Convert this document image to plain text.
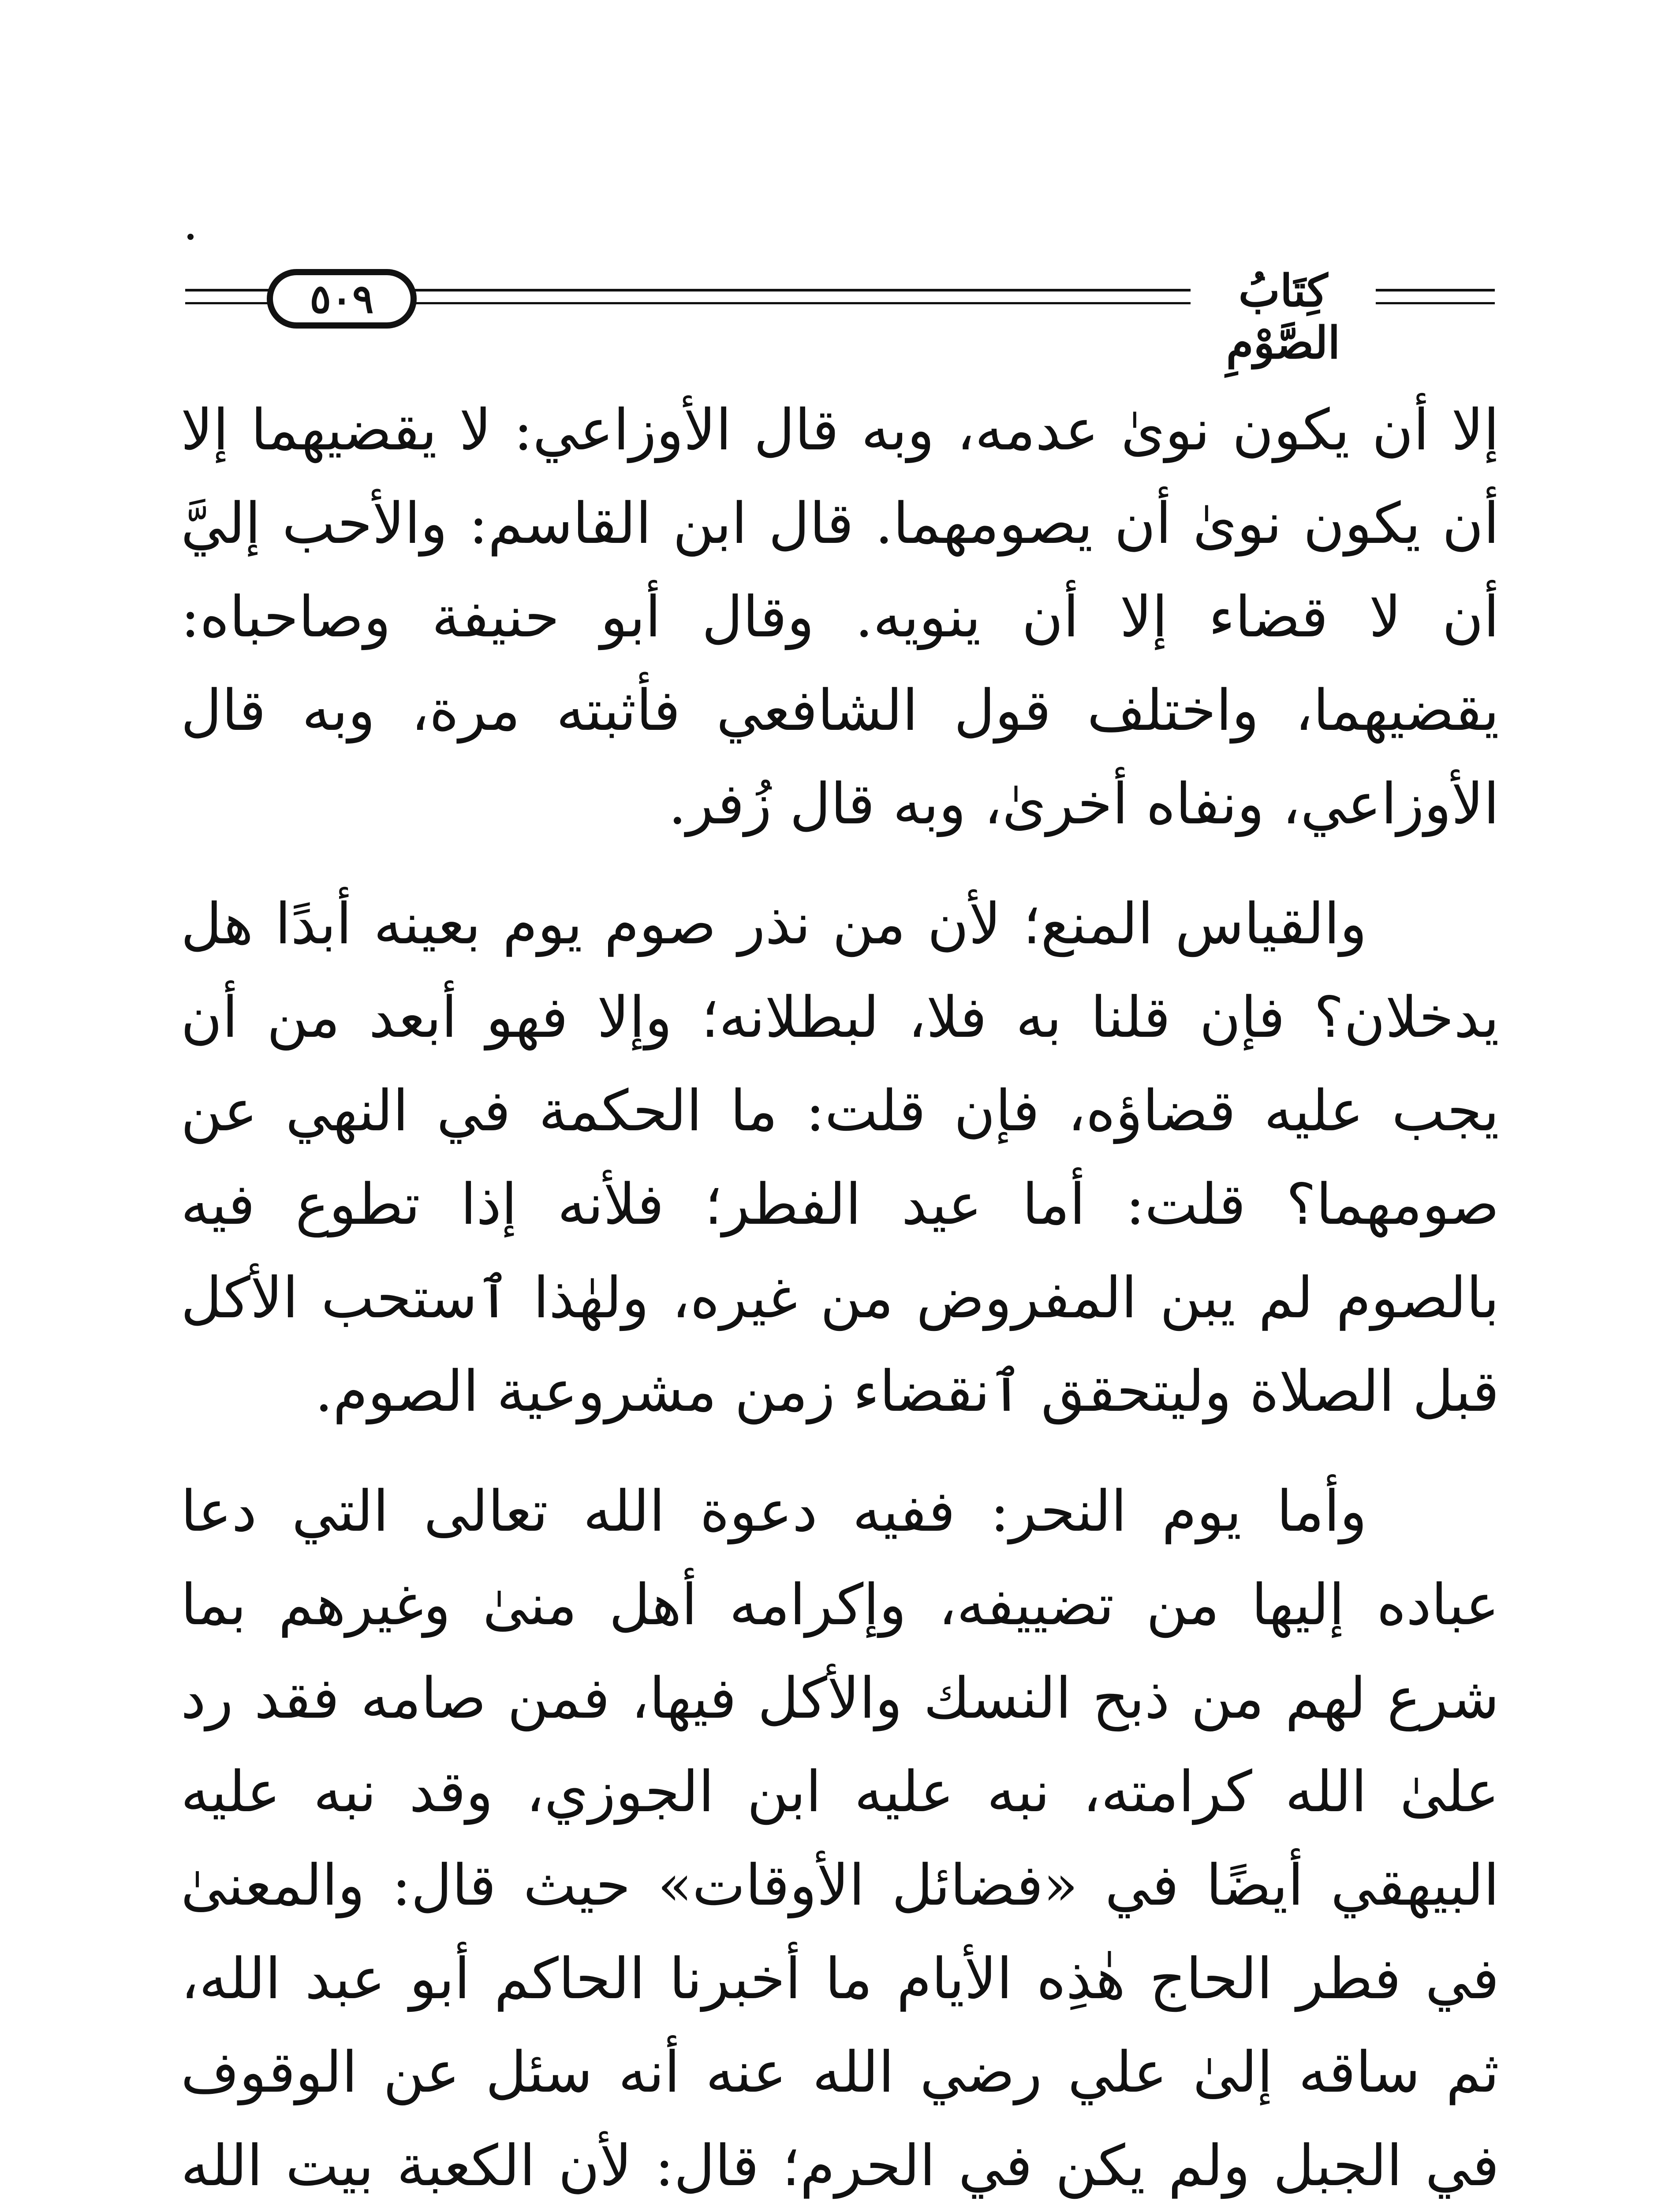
كِتَابُ الصَّوْمِ
٥٠٩

إلا أن يكون نوىٰ عدمه، وبه قال الأوزاعي: لا يقضيهما إلا أن يكون نوىٰ أن يصومهما. قال ابن القاسم: والأحب إليَّ أن لا قضاء إلا أن ينويه. وقال أبو حنيفة وصاحباه: يقضيهما، واختلف قول الشافعي فأثبته مرة، وبه قال الأوزاعي، ونفاه أخرىٰ، وبه قال زُفر.

والقياس المنع؛ لأن من نذر صوم يوم بعينه أبدًا هل يدخلان؟ فإن قلنا به فلا، لبطلانه؛ وإلا فهو أبعد من أن يجب عليه قضاؤه، فإن قلت: ما الحكمة في النهي عن صومهما؟ قلت: أما عيد الفطر؛ فلأنه إذا تطوع فيه بالصوم لم يبن المفروض من غيره، ولهٰذا ٱستحب الأكل قبل الصلاة وليتحقق ٱنقضاء زمن مشروعية الصوم.

وأما يوم النحر: ففيه دعوة الله تعالى التي دعا عباده إليها من تضييفه، وإكرامه أهل منىٰ وغيرهم بما شرع لهم من ذبح النسك والأكل فيها، فمن صامه فقد رد علىٰ الله كرامته، نبه عليه ابن الجوزي، وقد نبه عليه البيهقي أيضًا في «فضائل الأوقات» حيث قال: والمعنىٰ في فطر الحاج هٰذِه الأيام ما أخبرنا الحاكم أبو عبد الله، ثم ساقه إلىٰ علي رضي الله عنه أنه سئل عن الوقوف في الجبل ولم يكن في الحرم؛ قال: لأن الكعبة بيت الله
